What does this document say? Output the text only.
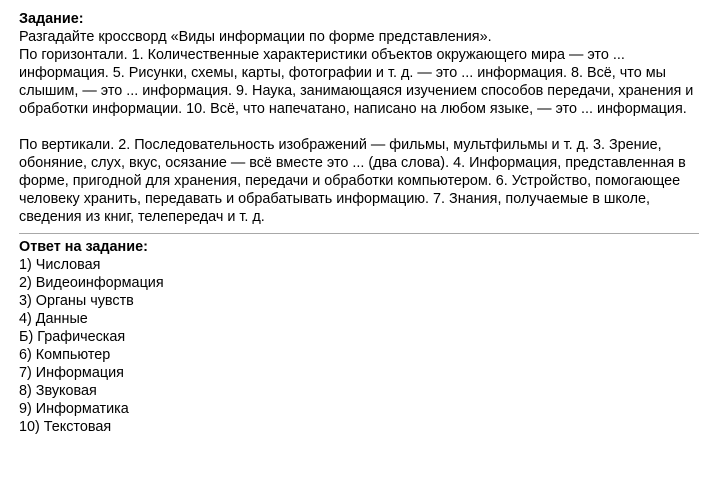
Задание:
Разгадайте кроссворд «Виды информации по форме представления».
По горизонтали. 1. Количественные характеристики объектов окружающего мира — это ... информация. 5. Рисунки, схемы, карты, фотографии и т. д. — это ... информация. 8. Всё, что мы слышим, — это ... информация. 9. Наука, занимающаяся изучением способов передачи, хранения и обработки информации. 10. Всё, что напечатано, написано на любом языке, — это ... информация.
По вертикали. 2. Последовательность изображений — фильмы, мультфильмы и т. д. 3. Зрение, обоняние, слух, вкус, осязание — всё вместе это ... (два слова). 4. Информация, представленная в форме, пригодной для хранения, передачи и обработки компьютером. 6. Устройство, помогающее человеку хранить, передавать и обрабатывать информацию. 7. Знания, получаемые в школе, сведения из книг, телепередач и т. д.
Ответ на задание:
1) Числовая
2) Видеоинформация
3) Органы чувств
4) Данные
Б) Графическая
6) Компьютер
7) Информация
8) Звуковая
9) Информатика
10) Текстовая
